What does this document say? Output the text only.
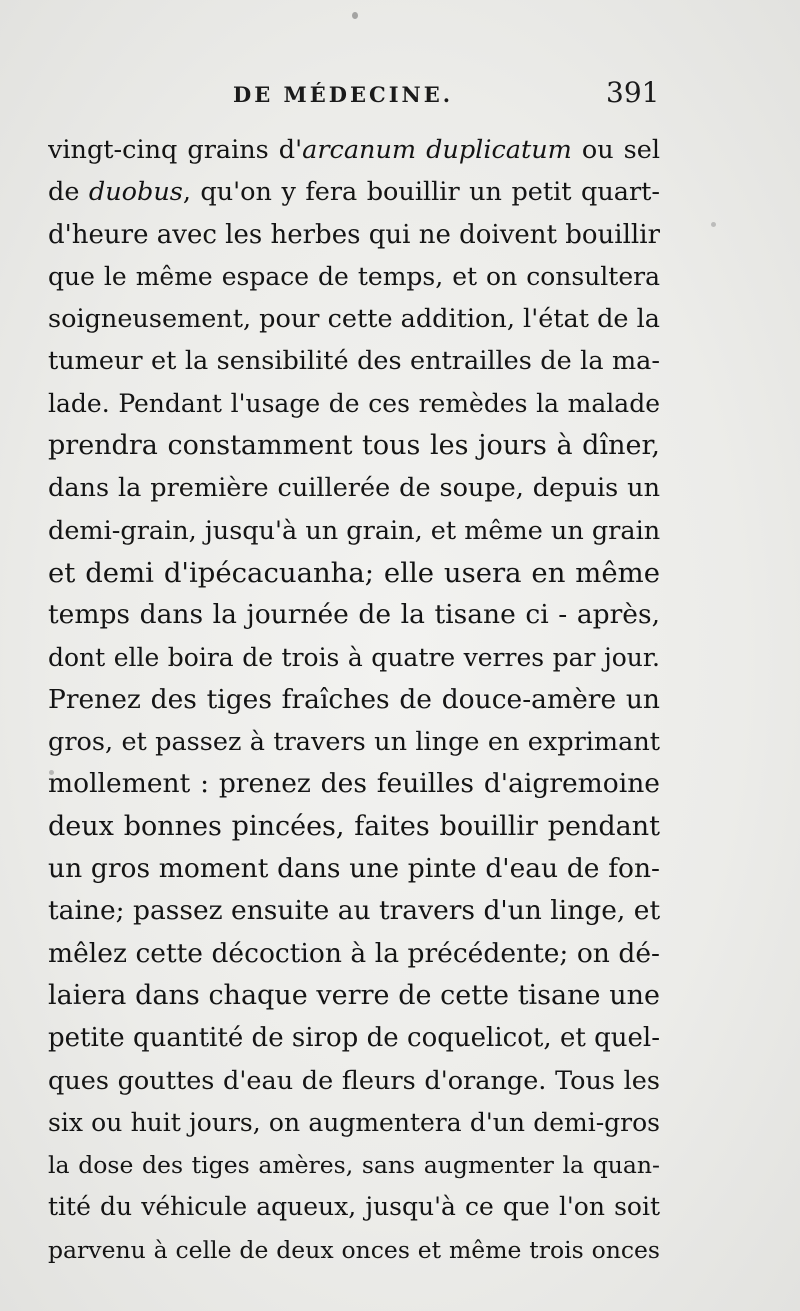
DE MÉDECINE.	391
vingt-cinq grains d'arcanum duplicatum ou sel
de duobus, qu'on y fera bouillir un petit quart-
d'heure avec les herbes qui ne doivent bouillir
que le même espace de temps, et on consultera
soigneusement, pour cette addition, l'état de la
tumeur et la sensibilité des entrailles de la ma-
lade. Pendant l'usage de ces remèdes la malade
prendra constamment tous les jours à dîner,
dans la première cuillerée de soupe, depuis un
demi-grain, jusqu'à un grain, et même un grain
et demi d'ipécacuanha; elle usera en même
temps dans la journée de la tisane ci - après,
dont elle boira de trois à quatre verres par jour.
Prenez des tiges fraîches de douce-amère un
gros, et passez à travers un linge en exprimant
mollement : prenez des feuilles d'aigremoine
deux bonnes pincées, faites bouillir pendant
un gros moment dans une pinte d'eau de fon-
taine; passez ensuite au travers d'un linge, et
mêlez cette décoction à la précédente; on dé-
laiera dans chaque verre de cette tisane une
petite quantité de sirop de coquelicot, et quel-
ques gouttes d'eau de fleurs d'orange. Tous les
six ou huit jours, on augmentera d'un demi-gros
la dose des tiges amères, sans augmenter la quan-
tité du véhicule aqueux, jusqu'à ce que l'on soit
parvenu à celle de deux onces et même trois onces
